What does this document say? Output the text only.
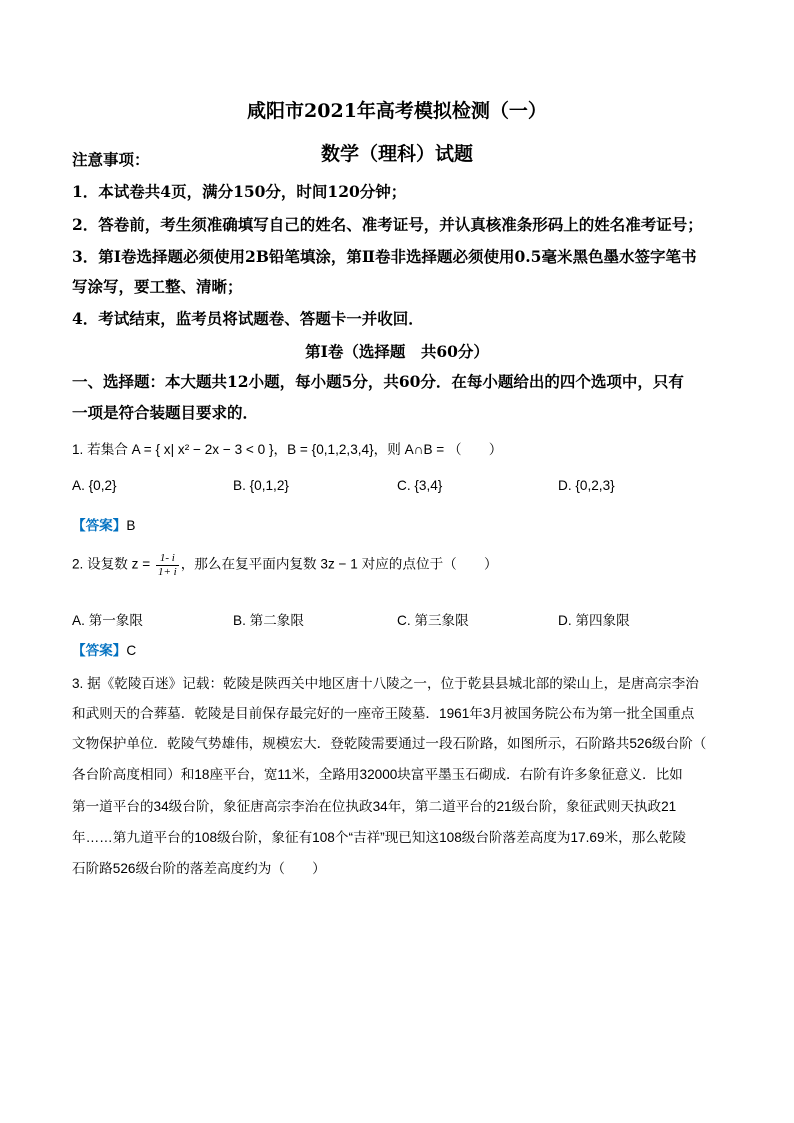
咸阳市2021年高考模拟检测（一）
数学（理科）试题
注意事项：
1．本试卷共4页，满分150分，时间120分钟；
2．答卷前，考生须准确填写自己的姓名、准考证号，并认真核准条形码上的姓名准考证号；
3．第Ⅰ卷选择题必须使用2B铅笔填涂，第Ⅱ卷非选择题必须使用0.5毫米黑色墨水签字笔书
写涂写，要工整、清晰；
4．考试结束，监考员将试题卷、答题卡一并收回．
第Ⅰ卷（选择题　共60分）
一、选择题：本大题共12小题，每小题5分，共60分．在每小题给出的四个选项中，只有
一项是符合装题目要求的．
1. 若集合 A = { x| x² − 2x − 3 < 0 }，B = {0,1,2,3,4}，则 A∩B = （　　）
A. {0,2}	B. {0,1,2}	C. {3,4}	D. {0,2,3}
【答案】B
2. 设复数 $z = \frac{1- i}{1+ i}$ ，那么在复平面内复数 3z − 1 对应的点位于（　　）
A. 第一象限	B. 第二象限	C. 第三象限	D. 第四象限
【答案】C
3. 据《乾陵百迷》记载：乾陵是陕西关中地区唐十八陵之一，位于乾县县城北部的梁山上，是唐高宗李治
和武则天的合葬墓．乾陵是目前保存最完好的一座帝王陵墓．1961年3月被国务院公布为第一批全国重点
文物保护单位．乾陵气势雄伟，规模宏大．登乾陵需要通过一段石阶路，如图所示，石阶路共526级台阶（
各台阶高度相同）和18座平台，宽11米，全路用32000块富平墨玉石砌成．右阶有许多象征意义．比如
第一道平台的34级台阶，象征唐高宗李治在位执政34年，第二道平台的21级台阶，象征武则天执政21
年……第九道平台的108级台阶，象征有108个“吉祥”现已知这108级台阶落差高度为17.69米，那么乾陵
石阶路526级台阶的落差高度约为（　　）
